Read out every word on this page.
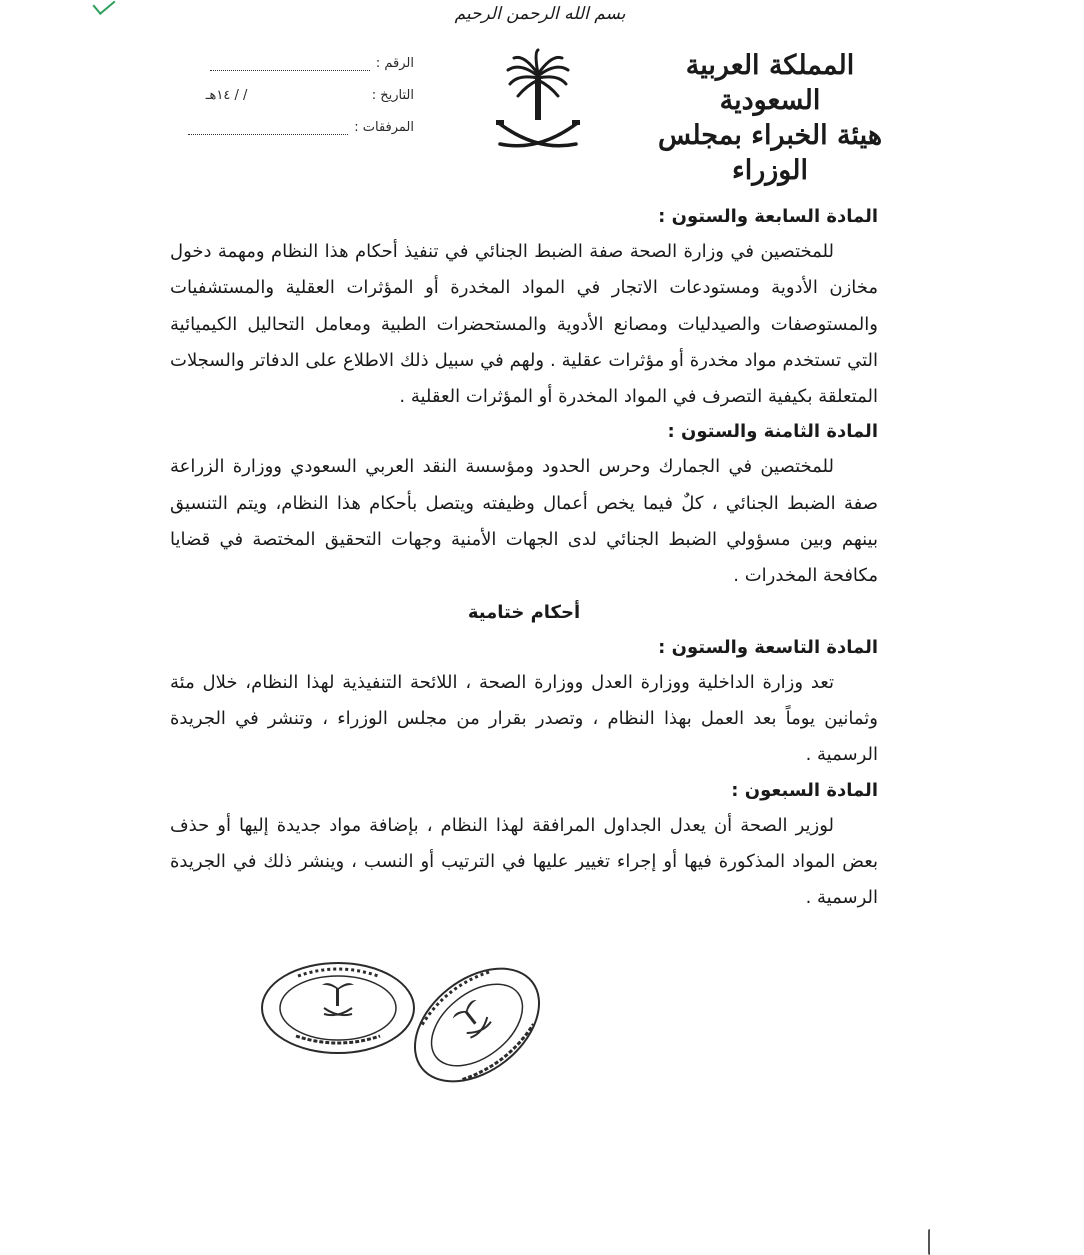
بسم الله الرحمن الرحيم
الرقم :
التاريخ :
/ / ١٤هـ
المرفقات :
المملكة العربية السعودية
هيئة الخبراء بمجلس الوزراء
المادة السابعة والستون :

للمختصين في وزارة الصحة صفة الضبط الجنائي في تنفيذ أحكام هذا النظام ومهمة دخول مخازن الأدوية ومستودعات الاتجار في المواد المخدرة أو المؤثرات العقلية والمستشفيات والمستوصفات والصيدليات ومصانع الأدوية والمستحضرات الطبية ومعامل التحاليل الكيميائية التي تستخدم مواد مخدرة أو مؤثرات عقلية . ولهم في سبيل ذلك الاطلاع على الدفاتر والسجلات المتعلقة بكيفية التصرف في المواد المخدرة أو المؤثرات العقلية .

المادة الثامنة والستون :

للمختصين في الجمارك وحرس الحدود ومؤسسة النقد العربي السعودي ووزارة الزراعة صفة الضبط الجنائي ، كلٌ فيما يخص أعمال وظيفته ويتصل بأحكام هذا النظام، ويتم التنسيق بينهم وبين مسؤولي الضبط الجنائي لدى الجهات الأمنية وجهات التحقيق المختصة في قضايا مكافحة المخدرات .

أحكام ختامية
المادة التاسعة والستون :

تعد وزارة الداخلية ووزارة العدل ووزارة الصحة ، اللائحة التنفيذية لهذا النظام، خلال مئة وثمانين يوماً بعد العمل بهذا النظام ، وتصدر بقرار من مجلس الوزراء ، وتنشر في الجريدة الرسمية .

المادة السبعون :

لوزير الصحة أن يعدل الجداول المرافقة لهذا النظام ، بإضافة مواد جديدة إليها أو حذف بعض المواد المذكورة فيها أو إجراء تغيير عليها في الترتيب أو النسب ، وينشر ذلك في الجريدة الرسمية .
